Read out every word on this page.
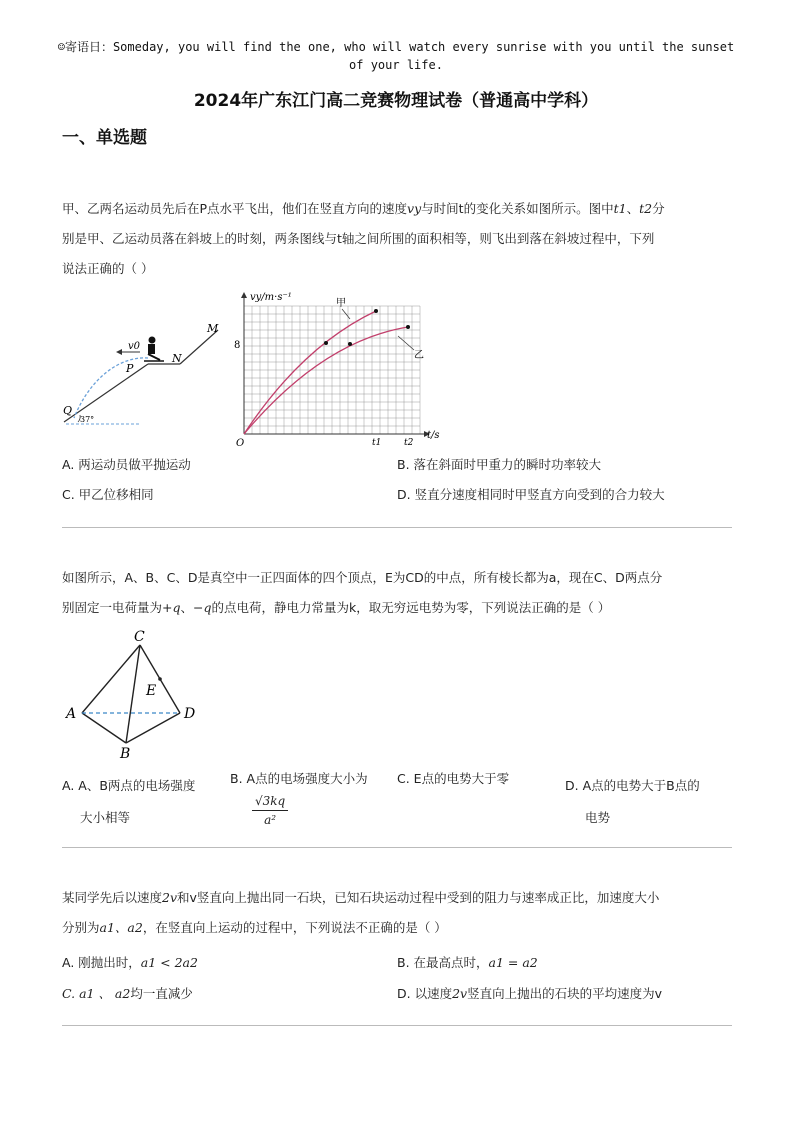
☺寄语日：Someday, you will find the one, who will watch every sunrise with you until the sunset
of your life.
2024年广东江门高二竞赛物理试卷（普通高中学科）
一、单选题
甲、乙两名运动员先后在P点水平飞出，他们在竖直方向的速度vy与时间t的变化关系如图所示。图中t1、t2分
别是甲、乙运动员落在斜坡上的时刻，两条图线与t轴之间所围的面积相等，则飞出到落在斜坡过程中，下列
说法正确的（ ）
v0
P
N
M
Q
37°
vy/m·s⁻¹
8
O	t1	t2
t/s
甲
乙
A. 两运动员做平抛运动	B. 落在斜面时甲重力的瞬时功率较大
C. 甲乙位移相同	D. 竖直分速度相同时甲竖直方向受到的合力较大
如图所示，A、B、C、D是真空中一正四面体的四个顶点，E为CD的中点，所有棱长都为a，现在C、D两点分
别固定一电荷量为+q、−q的点电荷，静电力常量为k，取无穷远电势为零，下列说法正确的是（ ）
C
A
B
D
E
A. A、B两点的电场强度
大小相等
B. A点的电场强度大小为
$\frac{√3kq}{\text{a²}}$
C. E点的电势大于零	D. A点的电势大于B点的
电势
某同学先后以速度2v和v竖直向上抛出同一石块，已知石块运动过程中受到的阻力与速率成正比，加速度大小
分别为a1、a2，在竖直向上运动的过程中，下列说法不正确的是（ ）
A. 刚抛出时，a1 < 2a2	B. 在最高点时，a1 = a2
C. a1 、 a2均一直减少	D. 以速度2v竖直向上抛出的石块的平均速度为v
